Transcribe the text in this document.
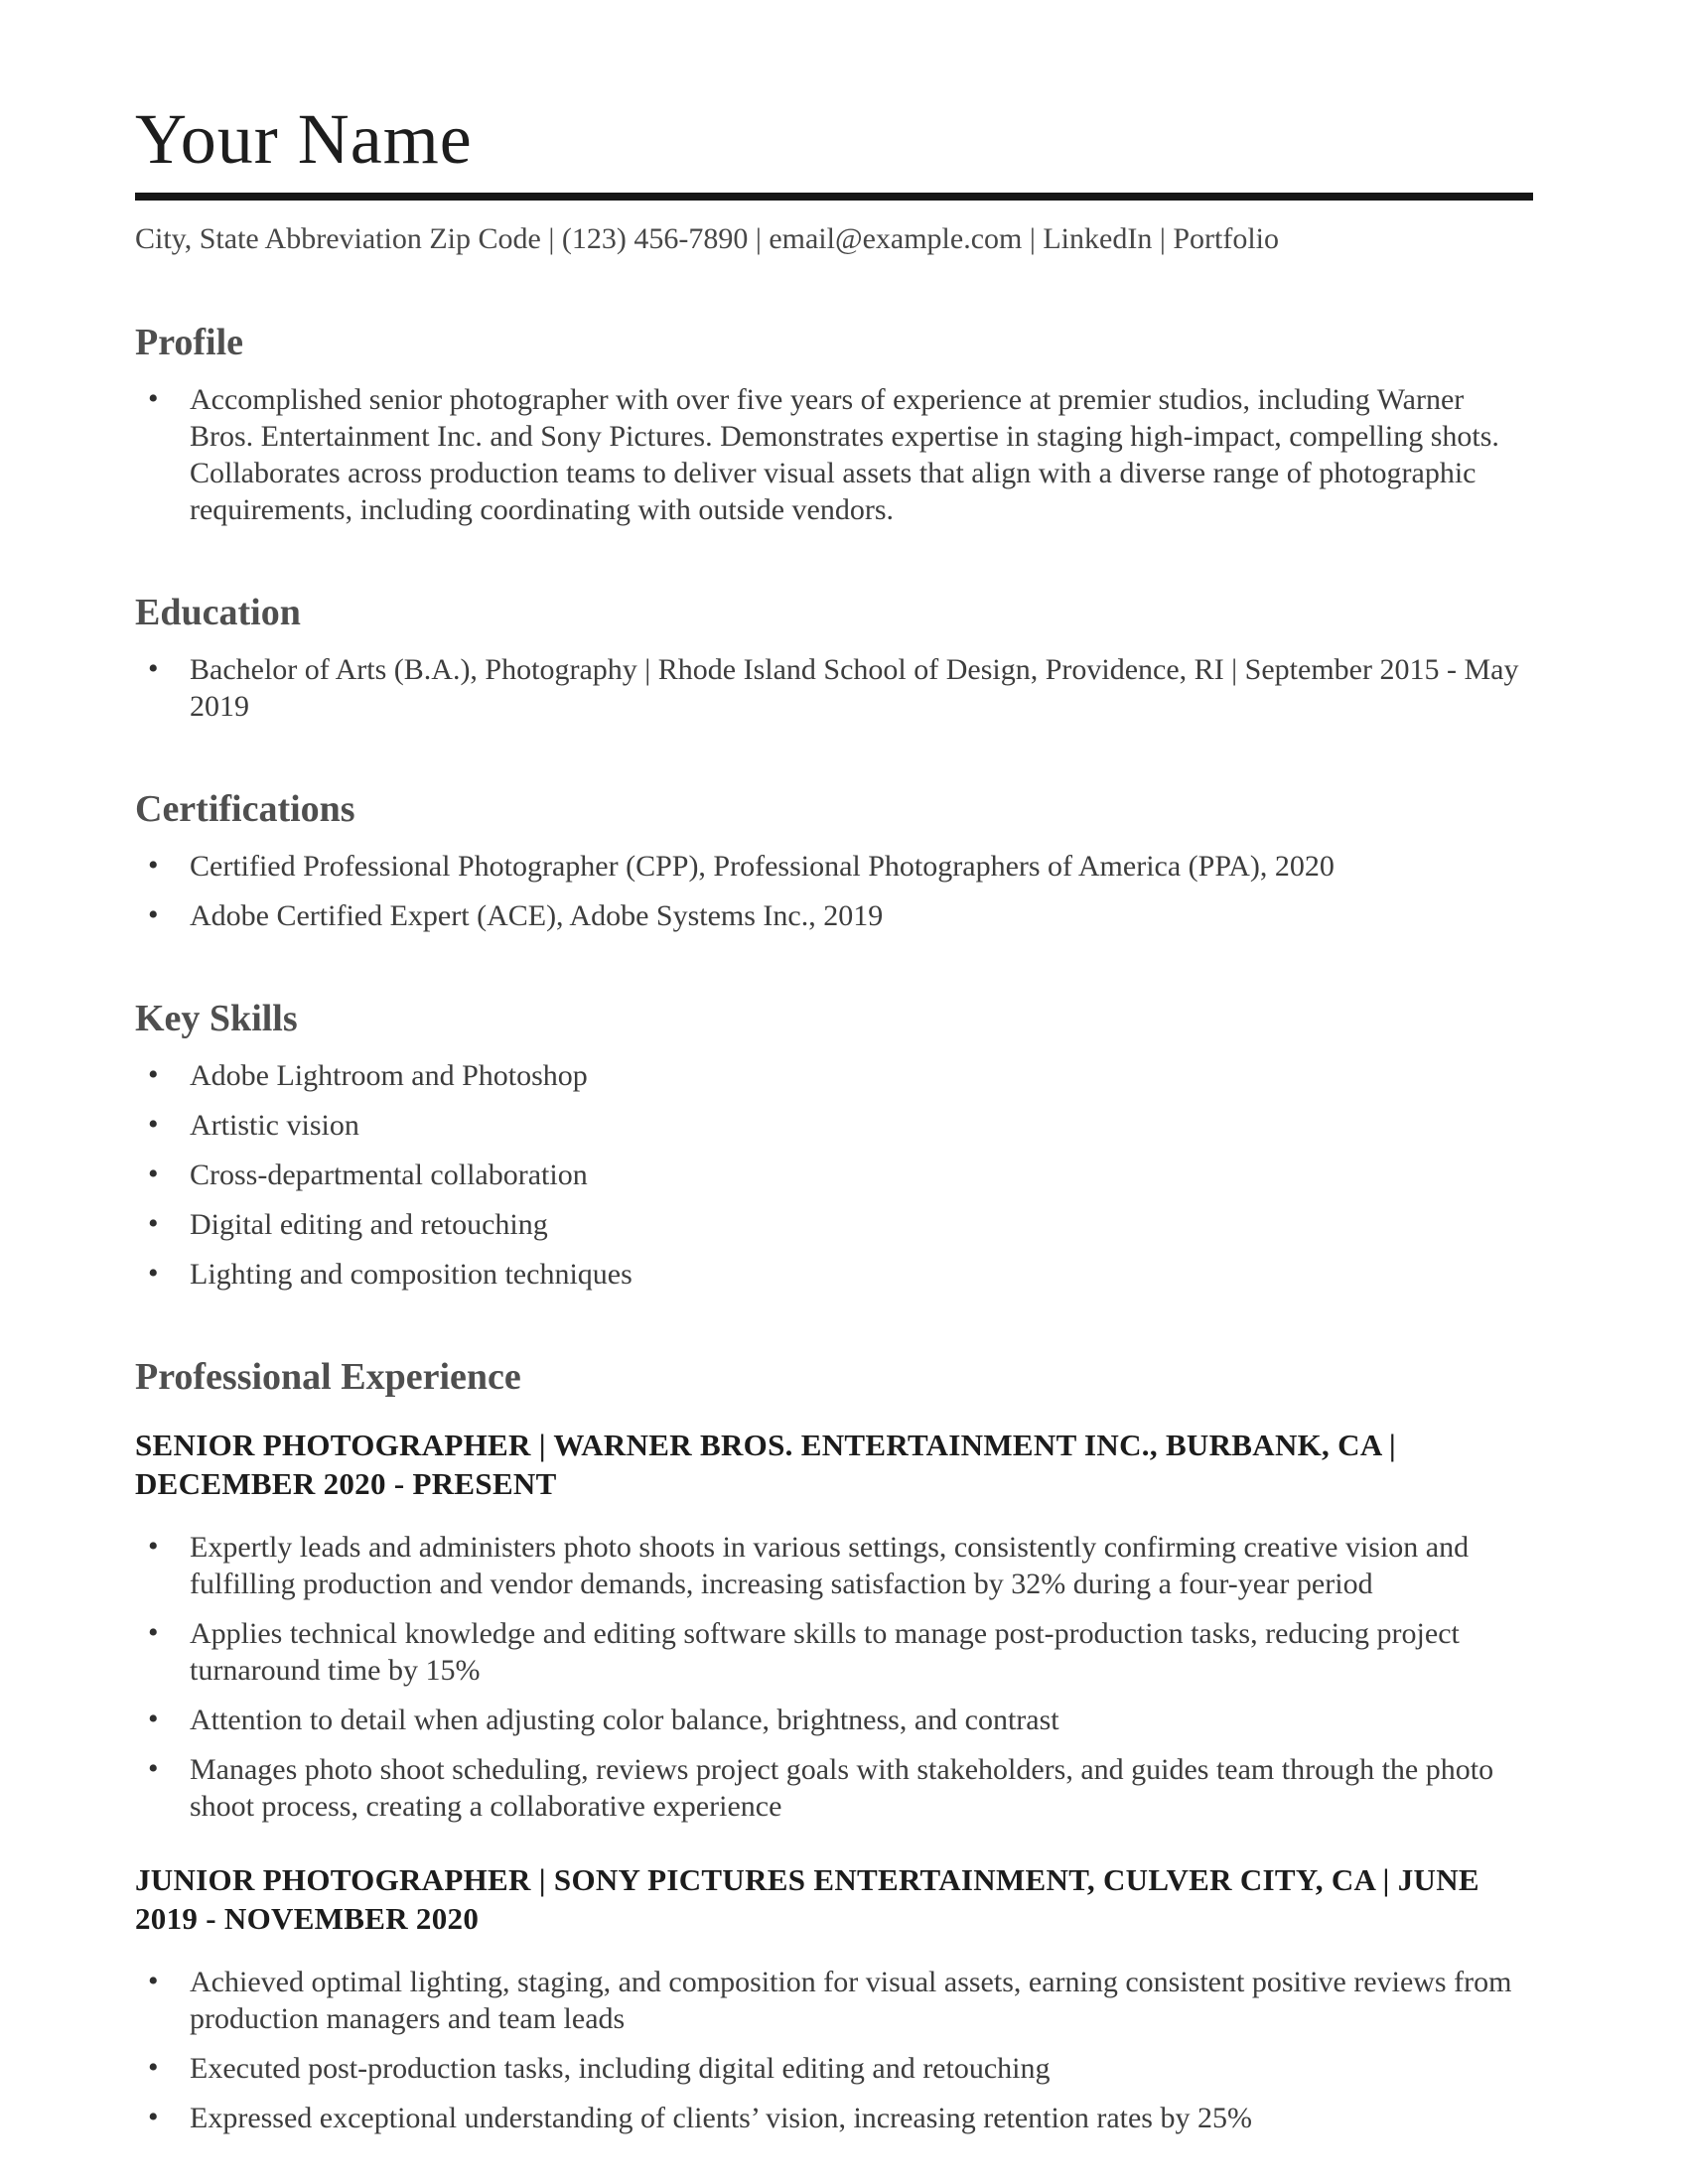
Your Name

City, State Abbreviation Zip Code | (123) 456-7890 | email@example.com | LinkedIn | Portfolio

Profile
• Accomplished senior photographer with over five years of experience at premier studios, including Warner Bros. Entertainment Inc. and Sony Pictures. Demonstrates expertise in staging high-impact, compelling shots. Collaborates across production teams to deliver visual assets that align with a diverse range of photographic requirements, including coordinating with outside vendors.
Education
• Bachelor of Arts (B.A.), Photography | Rhode Island School of Design, Providence, RI | September 2015 - May 2019
Certifications
• Certified Professional Photographer (CPP), Professional Photographers of America (PPA), 2020
• Adobe Certified Expert (ACE), Adobe Systems Inc., 2019
Key Skills
• Adobe Lightroom and Photoshop
• Artistic vision
• Cross-departmental collaboration
• Digital editing and retouching
• Lighting and composition techniques
Professional Experience
SENIOR PHOTOGRAPHER | WARNER BROS. ENTERTAINMENT INC., BURBANK, CA | DECEMBER 2020 - PRESENT
• Expertly leads and administers photo shoots in various settings, consistently confirming creative vision and fulfilling production and vendor demands, increasing satisfaction by 32% during a four-year period
• Applies technical knowledge and editing software skills to manage post-production tasks, reducing project turnaround time by 15%
• Attention to detail when adjusting color balance, brightness, and contrast
• Manages photo shoot scheduling, reviews project goals with stakeholders, and guides team through the photo shoot process, creating a collaborative experience
JUNIOR PHOTOGRAPHER | SONY PICTURES ENTERTAINMENT, CULVER CITY, CA | JUNE 2019 - NOVEMBER 2020
• Achieved optimal lighting, staging, and composition for visual assets, earning consistent positive reviews from production managers and team leads
• Executed post-production tasks, including digital editing and retouching
• Expressed exceptional understanding of clients’ vision, increasing retention rates by 25%
